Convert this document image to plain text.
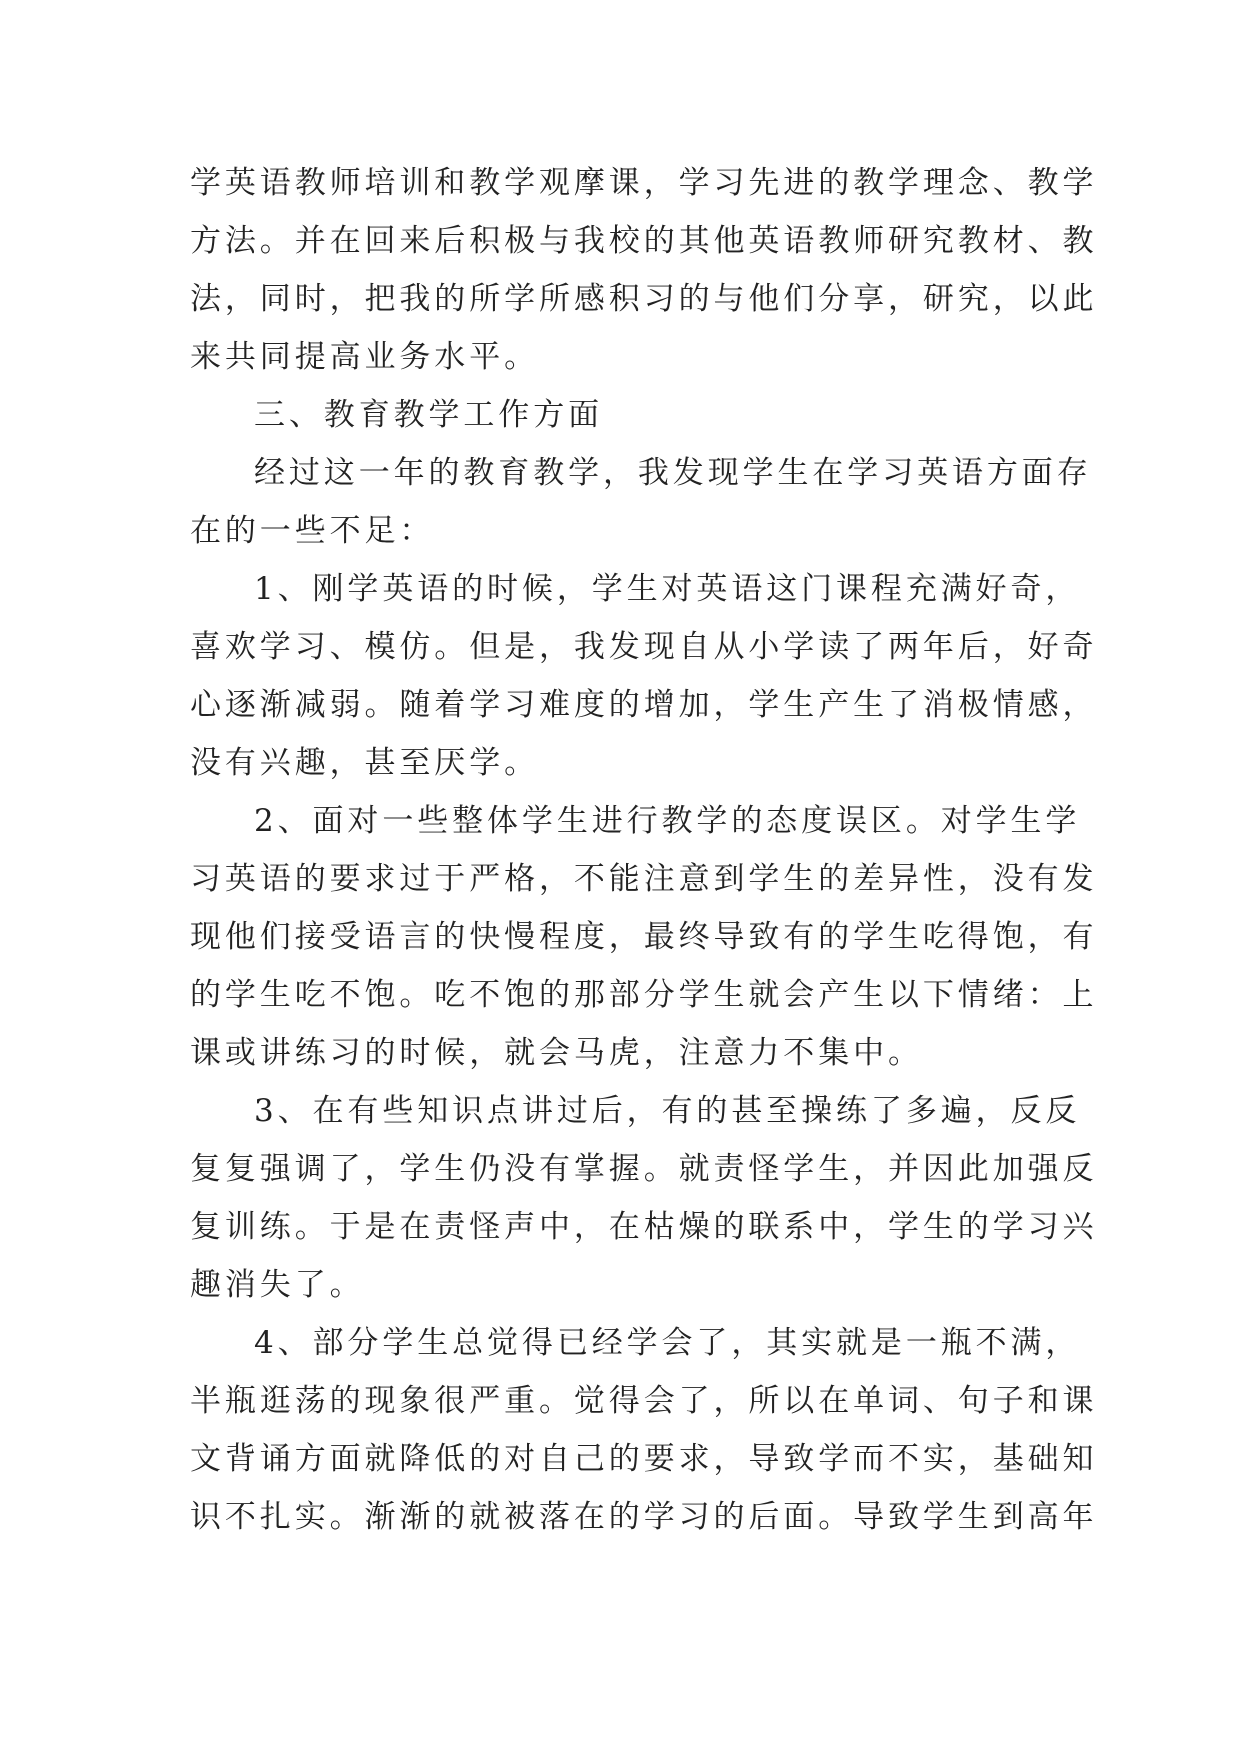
学英语教师培训和教学观摩课，学习先进的教学理念、教学
方法。并在回来后积极与我校的其他英语教师研究教材、教
法，同时，把我的所学所感积习的与他们分享，研究，以此
来共同提高业务水平。
三、教育教学工作方面
经过这一年的教育教学，我发现学生在学习英语方面存
在的一些不足：
1、刚学英语的时候，学生对英语这门课程充满好奇，
喜欢学习、模仿。但是，我发现自从小学读了两年后，好奇
心逐渐减弱。随着学习难度的增加，学生产生了消极情感，
没有兴趣，甚至厌学。
2、面对一些整体学生进行教学的态度误区。对学生学
习英语的要求过于严格，不能注意到学生的差异性，没有发
现他们接受语言的快慢程度，最终导致有的学生吃得饱，有
的学生吃不饱。吃不饱的那部分学生就会产生以下情绪：上
课或讲练习的时候，就会马虎，注意力不集中。
3、在有些知识点讲过后，有的甚至操练了多遍，反反
复复强调了，学生仍没有掌握。就责怪学生，并因此加强反
复训练。于是在责怪声中，在枯燥的联系中，学生的学习兴
趣消失了。
4、部分学生总觉得已经学会了，其实就是一瓶不满，
半瓶逛荡的现象很严重。觉得会了，所以在单词、句子和课
文背诵方面就降低的对自己的要求，导致学而不实，基础知
识不扎实。渐渐的就被落在的学习的后面。导致学生到高年
